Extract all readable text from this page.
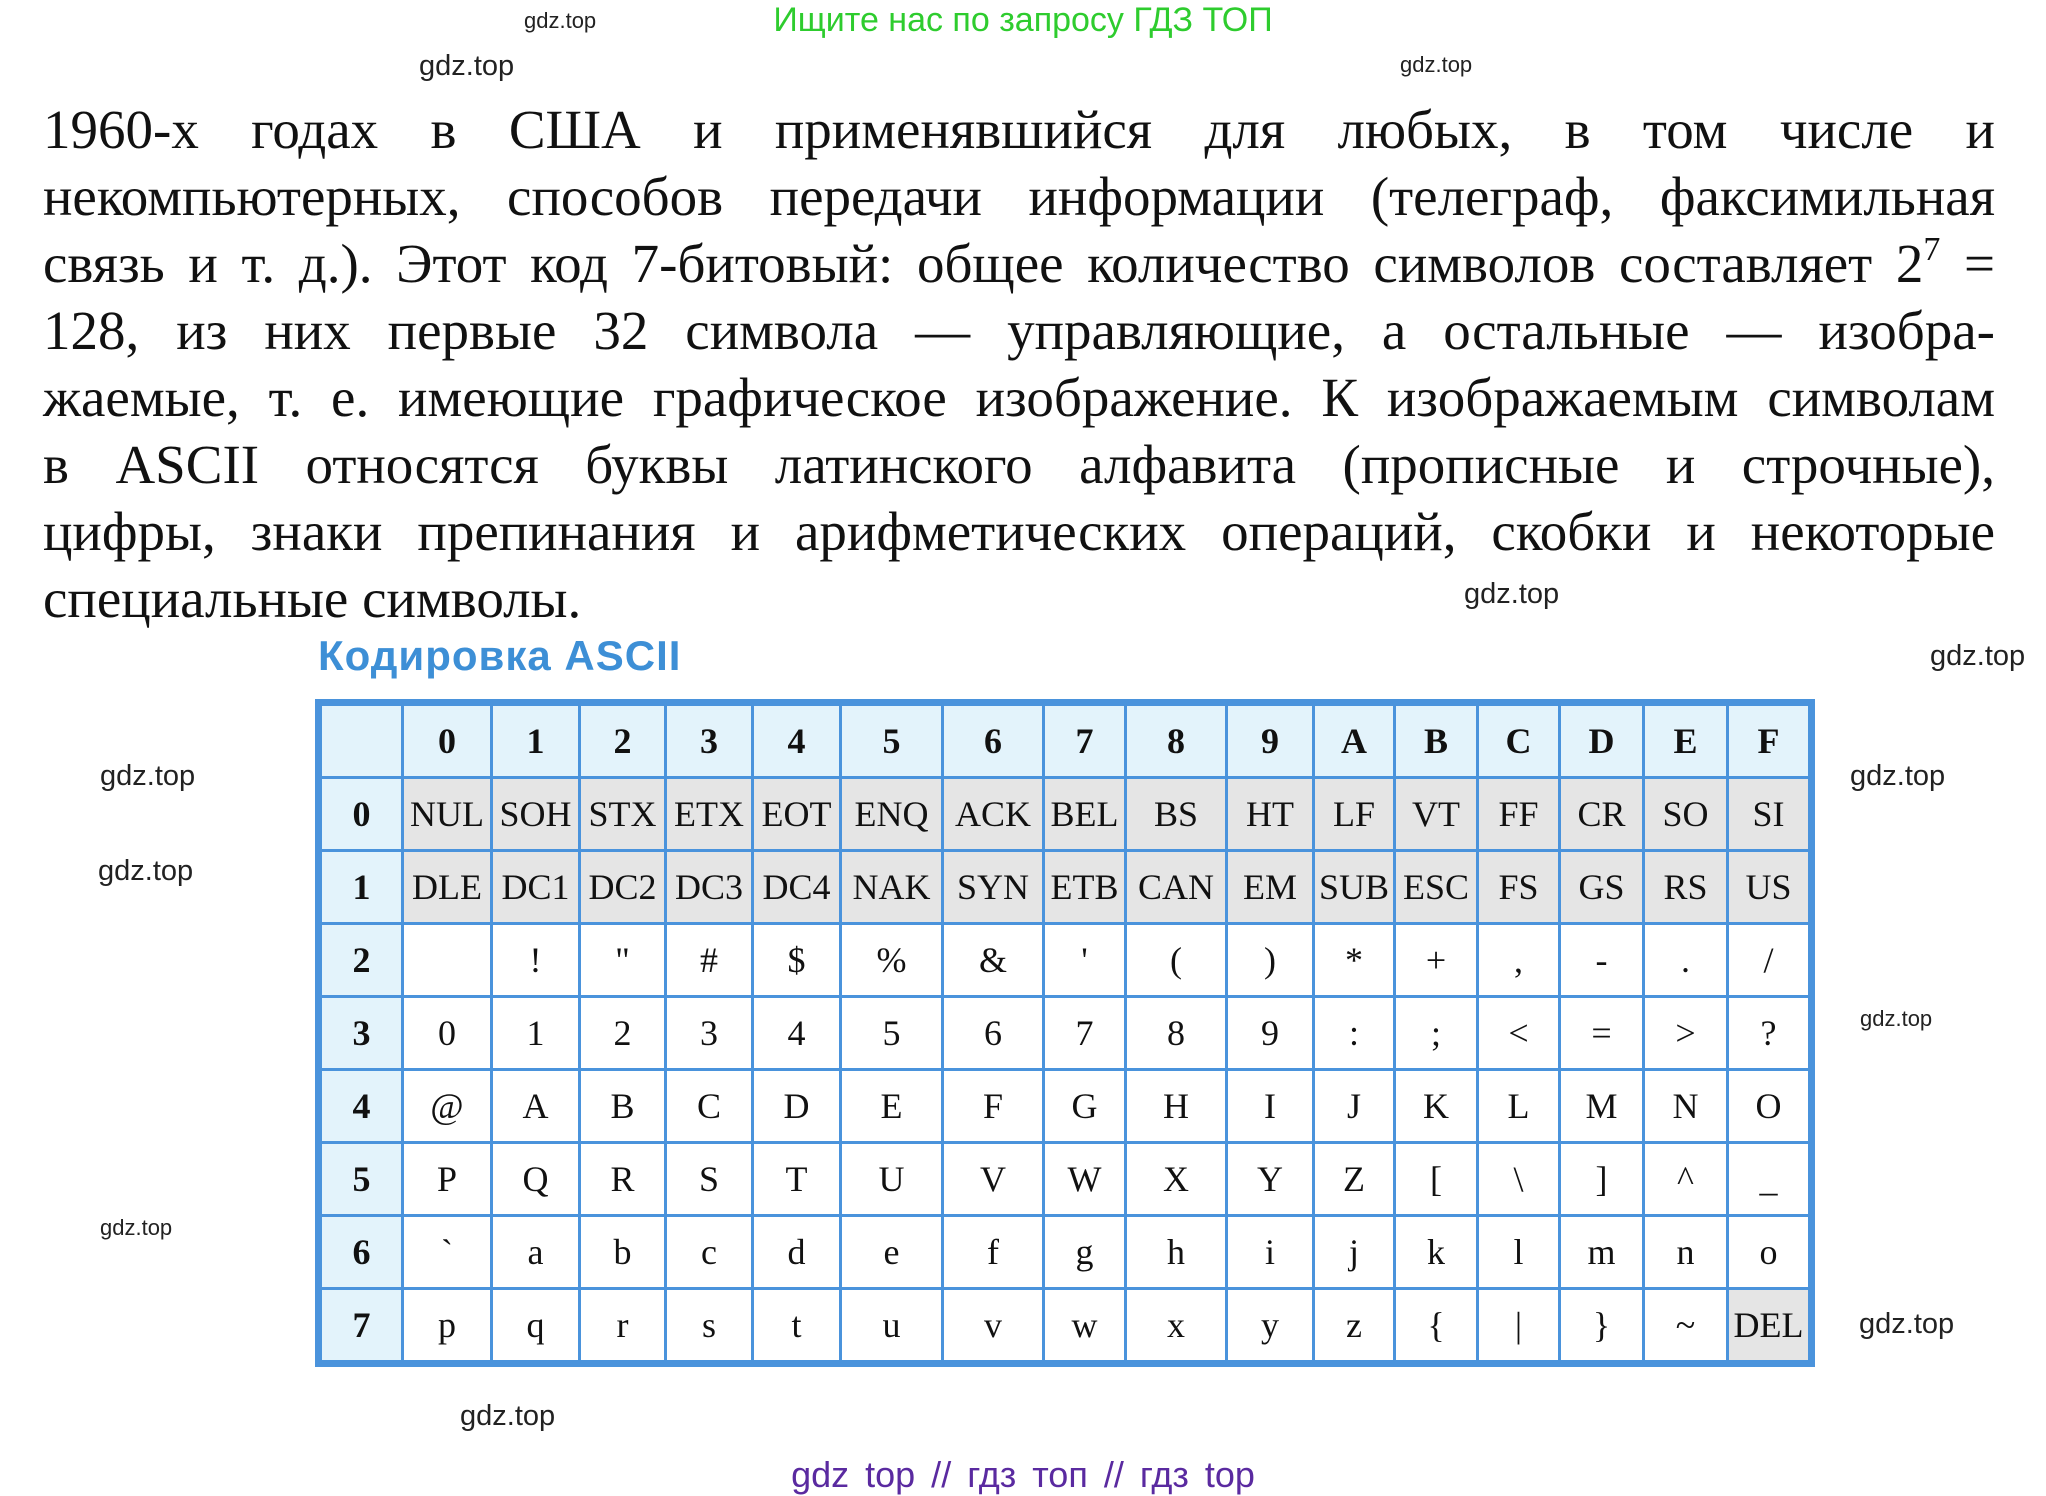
Ищите нас по запросу ГДЗ ТОП
1960-х годах в США и применявшийся для любых, в том числе и
некомпьютерных, способов передачи информации (телеграф, факсимильная
связь и т. д.). Этот код 7-битовый: общее количество символов составляет $2^7$ =
128, из них первые 32 символа — управляющие, а остальные — изобра-
жаемые, т. е. имеющие графическое изображение. К изображаемым символам
в ASCII относятся буквы латинского алфавита (прописные и строчные),
цифры, знаки препинания и арифметических операций, скобки и некоторые
специальные символы.
Кодировка ASCII
	0	1	2	3	4	5	6	7	8	9	A	B	C	D	E	F
0	NUL	SOH	STX	ETX	EOT	ENQ	ACK	BEL	BS	HT	LF	VT	FF	CR	SO	SI
1	DLE	DC1	DC2	DC3	DC4	NAK	SYN	ETB	CAN	EM	SUB	ESC	FS	GS	RS	US
2		!	"	#	$	%	&	'	(	)	*	+	,	-	.	/
3	0	1	2	3	4	5	6	7	8	9	:	;	<	=	>	?
4	@	A	B	C	D	E	F	G	H	I	J	K	L	M	N	O
5	P	Q	R	S	T	U	V	W	X	Y	Z	[	\	]	^	_
6	`	a	b	c	d	e	f	g	h	i	j	k	l	m	n	o
7	p	q	r	s	t	u	v	w	x	y	z	{	|	}	~	DEL
gdz.top
gdz.top
gdz.top
gdz.top
gdz.top
gdz.top
gdz.top
gdz.top
gdz.top
gdz.top
gdz.top
gdz.top
gdz top // гдз топ // гдз top
